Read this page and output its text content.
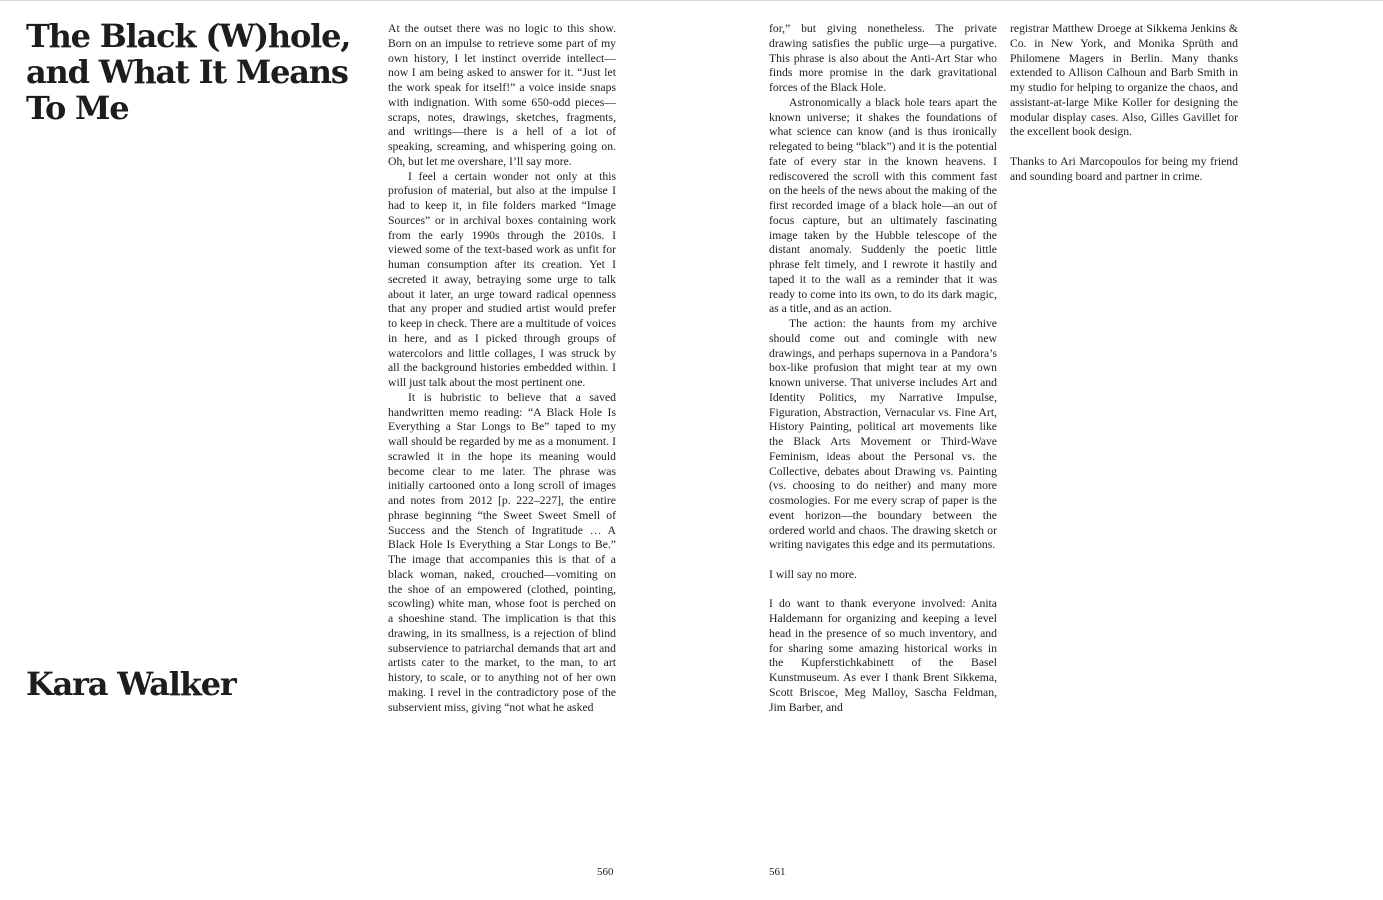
The Black (W)hole,
and What It Means
To Me
Kara Walker
560

At the outset there was no logic to this show. Born on an impulse to retrieve some part of my own history, I let instinct override intellect—now I am being asked to answer for it. “Just let the work speak for itself!” a voice inside snaps with indignation. With some 650-odd pieces—scraps, notes, drawings, sketches, fragments, and writings—there is a hell of a lot of speaking, screaming, and whispering going on. Oh, but let me overshare, I’ll say more.

I feel a certain wonder not only at this profusion of material, but also at the impulse I had to keep it, in file folders marked “Image Sources” or in archival boxes containing work from the early 1990s through the 2010s. I viewed some of the text-based work as unfit for human consumption after its creation. Yet I secreted it away, betraying some urge to talk about it later, an urge toward radical openness that any proper and studied artist would prefer to keep in check. There are a multitude of voices in here, and as I picked through groups of watercolors and little collages, I was struck by all the background histories embedded within. I will just talk about the most pertinent one.

It is hubristic to believe that a saved handwritten memo reading: “A Black Hole Is Everything a Star Longs to Be” taped to my wall should be regarded by me as a monument. I scrawled it in the hope its meaning would become clear to me later. The phrase was initially cartooned onto a long scroll of images and notes from 2012 [p. 222–227], the entire phrase beginning “the Sweet Sweet Smell of Success and the Stench of Ingratitude … A Black Hole Is Everything a Star Longs to Be.” The image that accompanies this is that of a black woman, naked, crouched—vomiting on the shoe of an empowered (clothed, pointing, scowling) white man, whose foot is perched on a shoeshine stand. The implication is that this drawing, in its smallness, is a rejection of blind subservience to patriarchal demands that art and artists cater to the market, to the man, to art history, to scale, or to anything not of her own making. I revel in the contradictory pose of the subservient miss, giving “not what he asked

561

for,” but giving nonetheless. The private drawing satisfies the public urge—a purgative. This phrase is also about the Anti-Art Star who finds more promise in the dark gravitational forces of the Black Hole.

Astronomically a black hole tears apart the known universe; it shakes the foundations of what science can know (and is thus ironically relegated to being “black”) and it is the potential fate of every star in the known heavens. I rediscovered the scroll with this comment fast on the heels of the news about the making of the first recorded image of a black hole—an out of focus capture, but an ultimately fascinating image taken by the Hubble telescope of the distant anomaly. Suddenly the poetic little phrase felt timely, and I rewrote it hastily and taped it to the wall as a reminder that it was ready to come into its own, to do its dark magic, as a title, and as an action.

The action: the haunts from my archive should come out and comingle with new drawings, and perhaps supernova in a Pandora’s box-like profusion that might tear at my own known universe. That universe includes Art and Identity Politics, my Narrative Impulse, Figuration, Abstraction, Vernacular vs. Fine Art, History Painting, political art movements like the Black Arts Movement or Third-Wave Feminism, ideas about the Personal vs. the Collective, debates about Drawing vs. Painting (vs. choosing to do neither) and many more cosmologies. For me every scrap of paper is the event horizon—the boundary between the ordered world and chaos. The drawing sketch or writing navigates this edge and its permutations.

I will say no more.

I do want to thank everyone involved: Anita Haldemann for organizing and keeping a level head in the presence of so much inventory, and for sharing some amazing historical works in the Kupferstichkabinett of the Basel Kunstmuseum. As ever I thank Brent Sikkema, Scott Briscoe, Meg Malloy, Sascha Feldman, Jim Barber, and

registrar Matthew Droege at Sikkema Jenkins & Co. in New York, and Monika Sprüth and Philomene Magers in Berlin. Many thanks extended to Allison Calhoun and Barb Smith in my studio for helping to organize the chaos, and assistant-at-large Mike Koller for designing the modular display cases. Also, Gilles Gavillet for the excellent book design.

Thanks to Ari Marcopoulos for being my friend and sounding board and partner in crime.
